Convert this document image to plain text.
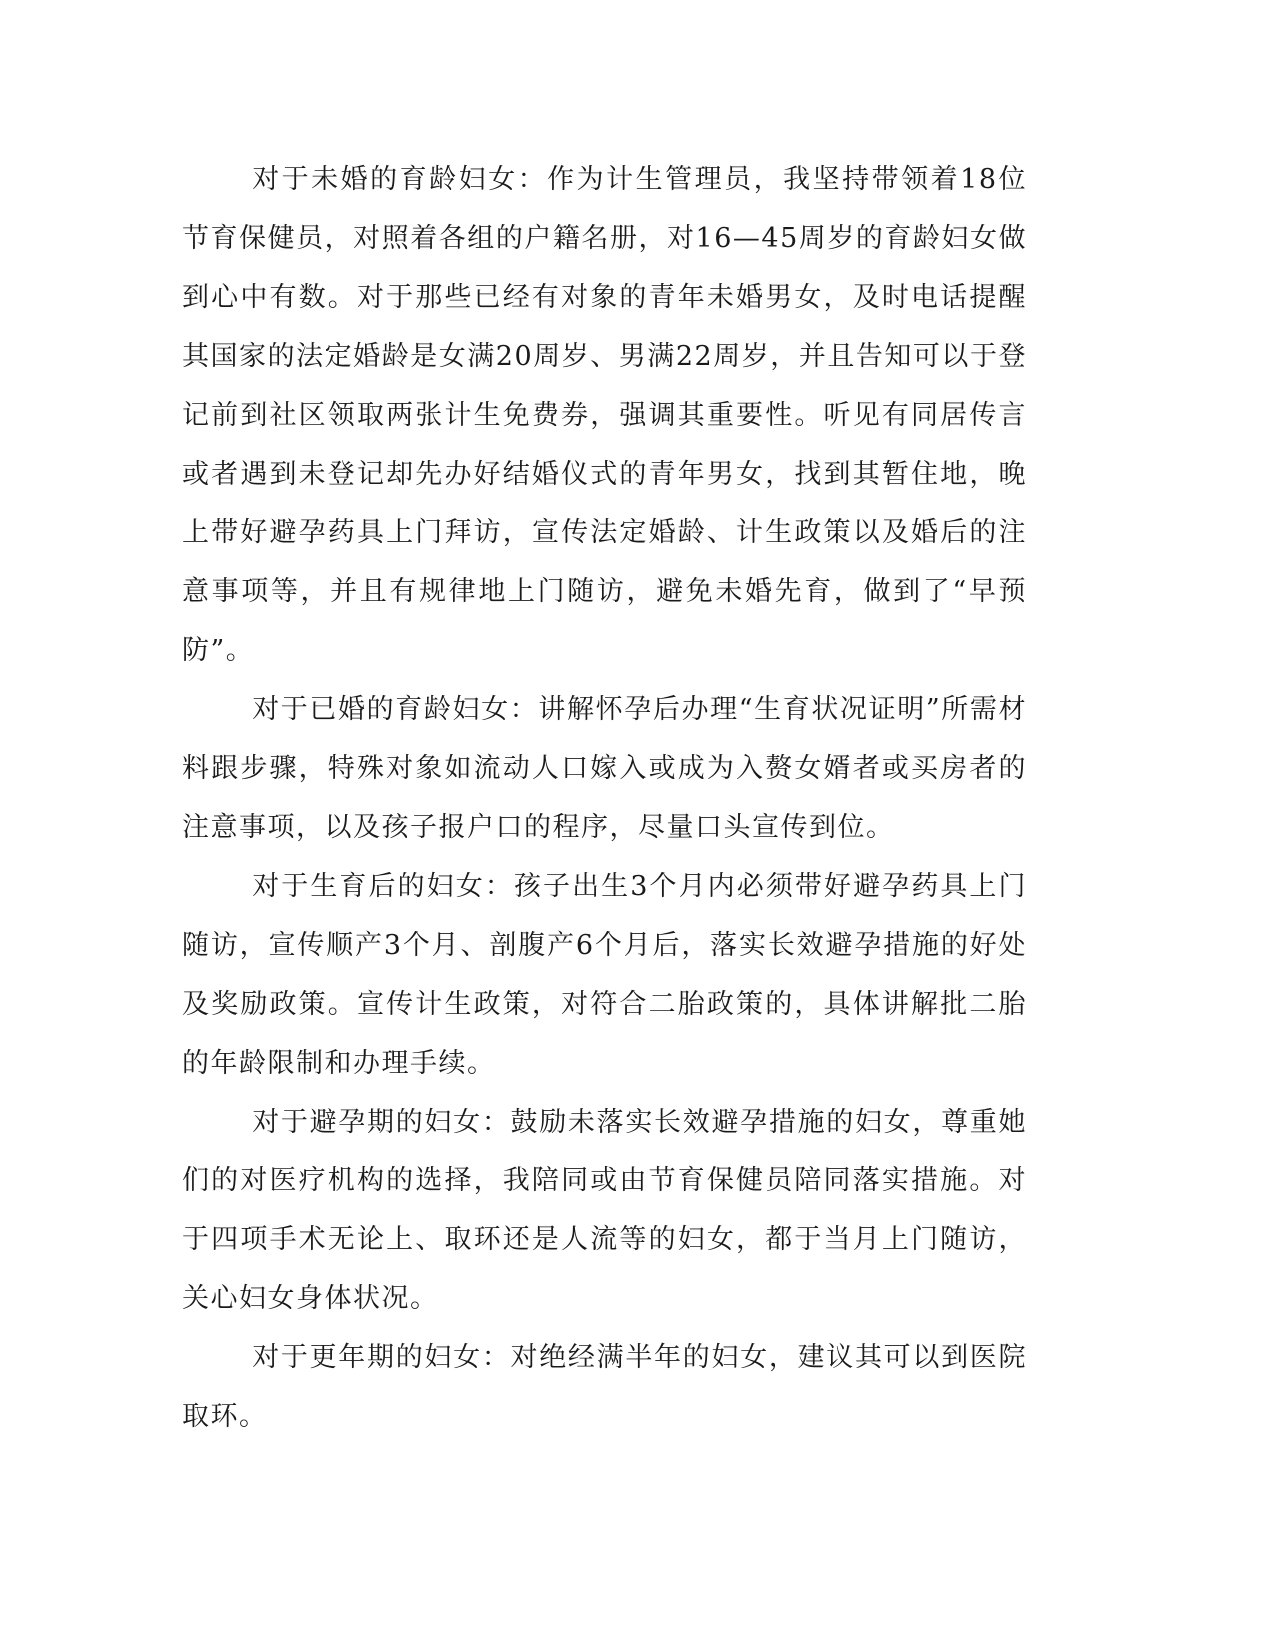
对于未婚的育龄妇女：作为计生管理员，我坚持带领着18位节育保健员，对照着各组的户籍名册，对16—45周岁的育龄妇女做到心中有数。对于那些已经有对象的青年未婚男女，及时电话提醒其国家的法定婚龄是女满20周岁、男满22周岁，并且告知可以于登记前到社区领取两张计生免费券，强调其重要性。听见有同居传言或者遇到未登记却先办好结婚仪式的青年男女，找到其暂住地，晚上带好避孕药具上门拜访，宣传法定婚龄、计生政策以及婚后的注意事项等，并且有规律地上门随访，避免未婚先育，做到了“早预防”。

对于已婚的育龄妇女：讲解怀孕后办理“生育状况证明”所需材料跟步骤，特殊对象如流动人口嫁入或成为入赘女婿者或买房者的注意事项，以及孩子报户口的程序，尽量口头宣传到位。

对于生育后的妇女：孩子出生3个月内必须带好避孕药具上门随访，宣传顺产3个月、剖腹产6个月后，落实长效避孕措施的好处及奖励政策。宣传计生政策，对符合二胎政策的，具体讲解批二胎的年龄限制和办理手续。

对于避孕期的妇女：鼓励未落实长效避孕措施的妇女，尊重她们的对医疗机构的选择，我陪同或由节育保健员陪同落实措施。对于四项手术无论上、取环还是人流等的妇女，都于当月上门随访，关心妇女身体状况。

对于更年期的妇女：对绝经满半年的妇女，建议其可以到医院取环。
